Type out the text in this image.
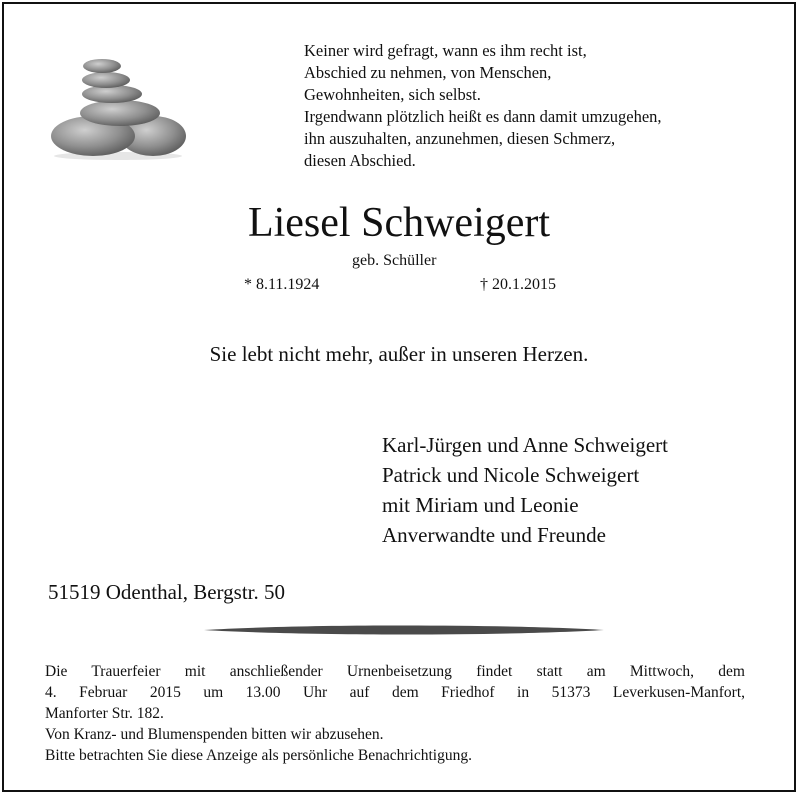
Keiner wird gefragt, wann es ihm recht ist,
Abschied zu nehmen, von Menschen,
Gewohnheiten, sich selbst.
Irgendwann plötzlich heißt es dann damit umzugehen,
ihn auszuhalten, anzunehmen, diesen Schmerz,
diesen Abschied.
Liesel Schweigert
geb. Schüller
* 8.11.1924	† 20.1.2015
Sie lebt nicht mehr, außer in unseren Herzen.
Karl-Jürgen und Anne Schweigert
Patrick und Nicole Schweigert
mit Miriam und Leonie
Anverwandte und Freunde
51519 Odenthal, Bergstr. 50
Die Trauerfeier mit anschließender Urnenbeisetzung findet statt am Mittwoch, dem
4. Februar 2015 um 13.00 Uhr auf dem Friedhof in 51373 Leverkusen-Manfort,
Manforter Str. 182.
Von Kranz- und Blumenspenden bitten wir abzusehen.
Bitte betrachten Sie diese Anzeige als persönliche Benachrichtigung.
